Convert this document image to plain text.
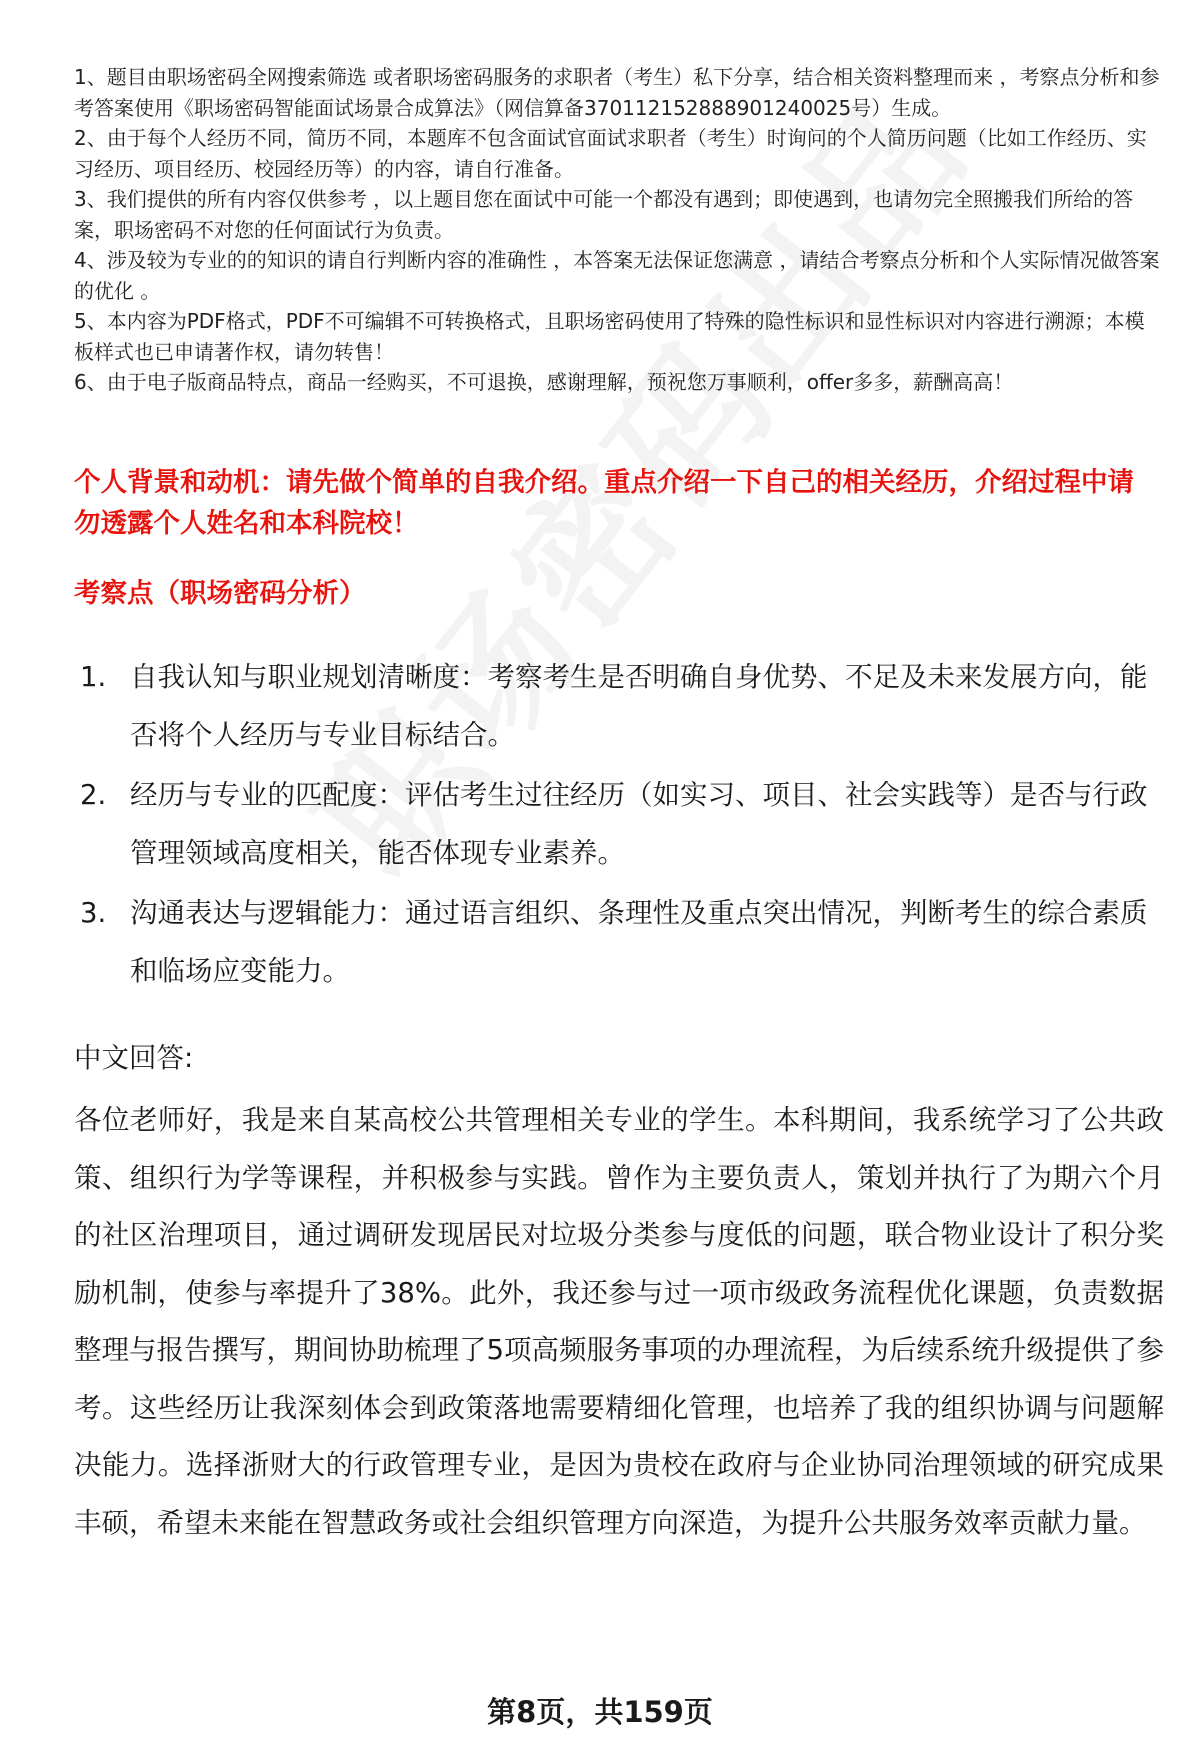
1、题目由职场密码全网搜索筛选 或者职场密码服务的求职者（考生）私下分享，结合相关资料整理而来 ，考察点分析和参考答案使用《职场密码智能面试场景合成算法》（网信算备370112152888901240025号）生成。

2、由于每个人经历不同，简历不同，本题库不包含面试官面试求职者（考生）时询问的个人简历问题（比如工作经历、实习经历、项目经历、校园经历等）的内容，请自行准备。

3、我们提供的所有内容仅供参考 ，以上题目您在面试中可能一个都没有遇到；即使遇到，也请勿完全照搬我们所给的答案，职场密码不对您的任何面试行为负责。

4、涉及较为专业的的知识的请自行判断内容的准确性 ，本答案无法保证您满意 ，请结合考察点分析和个人实际情况做答案的优化 。

5、本内容为PDF格式，PDF不可编辑不可转换格式，且职场密码使用了特殊的隐性标识和显性标识对内容进行溯源；本模板样式也已申请著作权，请勿转售！

6、由于电子版商品特点，商品一经购买，不可退换，感谢理解，预祝您万事顺利，offer多多，薪酬高高！

个人背景和动机：请先做个简单的自我介绍。重点介绍一下自己的相关经历，介绍过程中请勿透露个人姓名和本科院校！
考察点（职场密码分析）
1. 自我认知与职业规划清晰度：考察考生是否明确自身优势、不足及未来发展方向，能否将个人经历与专业目标结合。
2. 经历与专业的匹配度：评估考生过往经历（如实习、项目、社会实践等）是否与行政管理领域高度相关，能否体现专业素养。
3. 沟通表达与逻辑能力：通过语言组织、条理性及重点突出情况，判断考生的综合素质和临场应变能力。
中文回答:

各位老师好，我是来自某高校公共管理相关专业的学生。本科期间，我系统学习了公共政策、组织行为学等课程，并积极参与实践。曾作为主要负责人，策划并执行了为期六个月的社区治理项目，通过调研发现居民对垃圾分类参与度低的问题，联合物业设计了积分奖励机制，使参与率提升了38%。此外，我还参与过一项市级政务流程优化课题，负责数据整理与报告撰写，期间协助梳理了5项高频服务事项的办理流程，为后续系统升级提供了参考。这些经历让我深刻体会到政策落地需要精细化管理，也培养了我的组织协调与问题解决能力。选择浙财大的行政管理专业，是因为贵校在政府与企业协同治理领域的研究成果丰硕，希望未来能在智慧政务或社会组织管理方向深造，为提升公共服务效率贡献力量。

第8页，共159页
